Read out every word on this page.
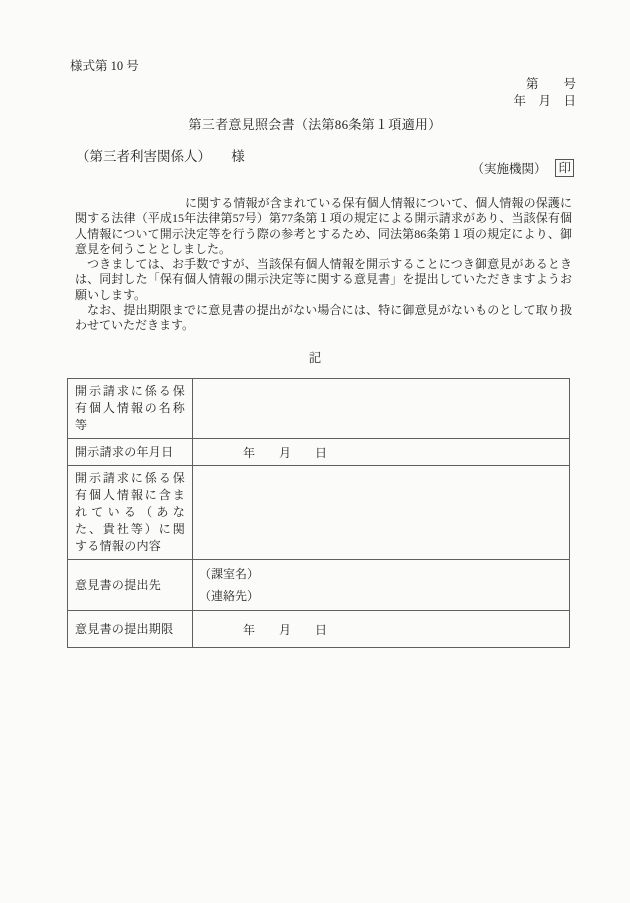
様式第 10 号
第　　号
年　月　日
第三者意見照会書（法第86条第１項適用）
（第三者利害関係人）　　様
（実施機関） 印

に関する情報が含まれている保有個人情報について、個人情報の保護に関する法律（平成15年法律第57号）第77条第１項の規定による開示請求があり、当該保有個人情報について開示決定等を行う際の参考とするため、同法第86条第１項の規定により、御意見を伺うこととしました。

つきましては、お手数ですが、当該保有個人情報を開示することにつき御意見があるときは、同封した「保有個人情報の開示決定等に関する意見書」を提出していただきますようお願いします。

なお、提出期限までに意見書の提出がない場合には、特に御意見がないものとして取り扱わせていただきます。

記
開示請求に係る保有個人情報の名称等	
開示請求の年月日	年　　月　　日
開示請求に係る保有個人情報に含まれている（あなた、貴社等）に関する情報の内容	
意見書の提出先	（課室名）
（連絡先）

意見書の提出期限	年　　月　　日
